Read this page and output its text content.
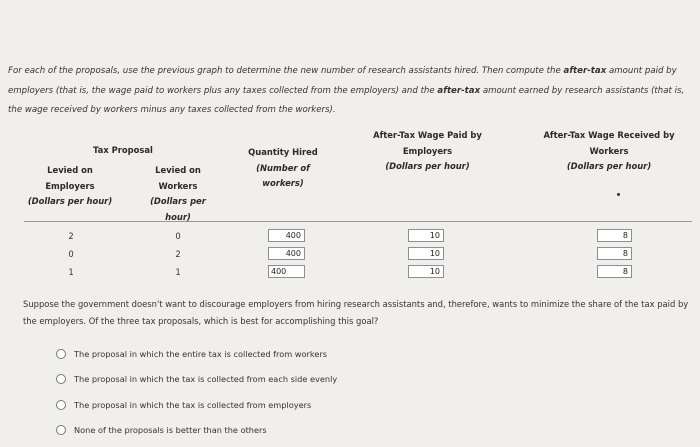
For each of the proposals, use the previous graph to determine the new number of research assistants hired. Then compute the after-tax amount paid by employers (that is, the wage paid to workers plus any taxes collected from the employers) and the after-tax amount earned by research assistants (that is, the wage received by workers minus any taxes collected from the workers).

Tax Proposal
Levied on
Employers
(Dollars per hour)
Levied on
Workers
(Dollars per
hour)
Quantity Hired
(Number of
workers)
After-Tax Wage Paid by
Employers
(Dollars per hour)
After-Tax Wage Received by
Workers
(Dollars per hour)
2	0	400	10	8
0	2	400	10	8
1	1	400	10	8

Suppose the government doesn't want to discourage employers from hiring research assistants and, therefore, wants to minimize the share of the tax paid by the employers. Of the three tax proposals, which is best for accomplishing this goal?

The proposal in which the entire tax is collected from workers
The proposal in which the tax is collected from each side evenly
The proposal in which the tax is collected from employers
None of the proposals is better than the others
